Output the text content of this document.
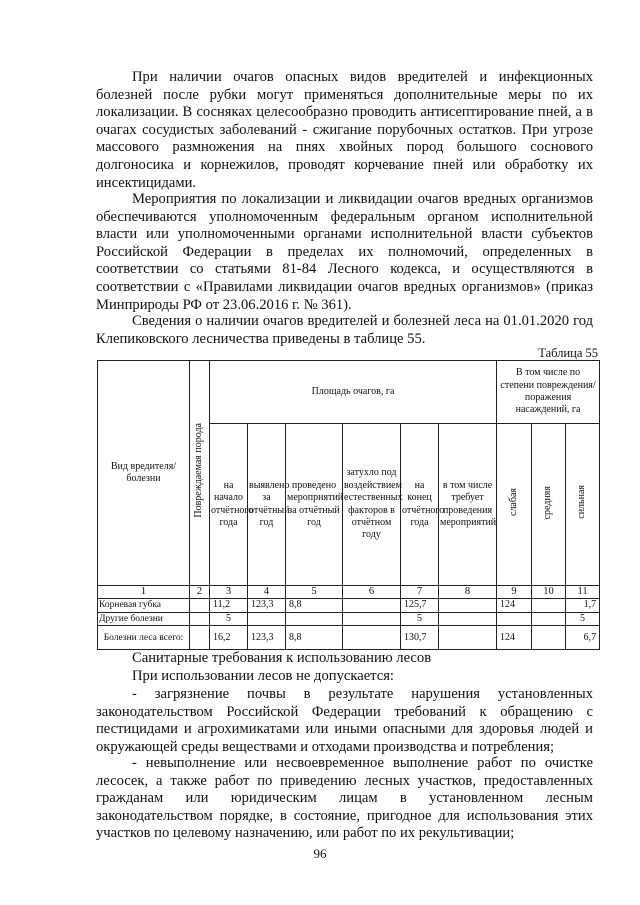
При наличии очагов опасных видов вредителей и инфекционных болезней после рубки могут применяться дополнительные меры по их локализации. В сосняках целесообразно проводить антисептирование пней, а в очагах сосудистых заболеваний - сжигание порубочных остатков. При угрозе массового размножения на пнях хвойных пород большого соснового долгоносика и корнежилов, проводят корчевание пней или обработку их инсектицидами.

Мероприятия по локализации и ликвидации очагов вредных организмов обеспечиваются уполномоченным федеральным органом исполнительной власти или уполномоченными органами исполнительной власти субъектов Российской Федерации в пределах их полномочий, определенных в соответствии со статьями 81-84 Лесного кодекса, и осуществляются в соответствии с «Правилами ликвидации очагов вредных организмов» (приказ Минприроды РФ от 23.06.2016 г. № 361).

Сведения о наличии очагов вредителей и болезней леса на 01.01.2020 год Клепиковского лесничества приведены в таблице 55.

Таблица 55
Вид вредителя/болезни	Повреждаемая порода	Площадь очагов, га						В том числе по степени повреждения/поражения насаждений, га		
		на начало отчётного года	выявлено за отчётный год	проведено мероприятий за отчётный год	затухло под воздействием естественных факторов в отчётном году	на конец отчётного года	в том числе требует проведения мероприятий	слабая	средняя	сильная
1	2	3	4	5	6	7	8	9	10	11
Корневая губка		11,2	123,3	8,8		125,7		124		1,7
Другие болезни		5				5				5
Болезни леса всего:		16,2	123,3	8,8		130,7		124		6,7

Санитарные требования к использованию лесов

При использовании лесов не допускается:

- загрязнение почвы в результате нарушения установленных законодательством Российской Федерации требований к обращению с пестицидами и агрохимикатами или иными опасными для здоровья людей и окружающей среды веществами и отходами производства и потребления;

- невыполнение или несвоевременное выполнение работ по очистке лесосек, а также работ по приведению лесных участков, предоставленных гражданам или юридическим лицам в установленном лесным законодательством порядке, в состояние, пригодное для использования этих участков по целевому назначению, или работ по их рекультивации;

96
